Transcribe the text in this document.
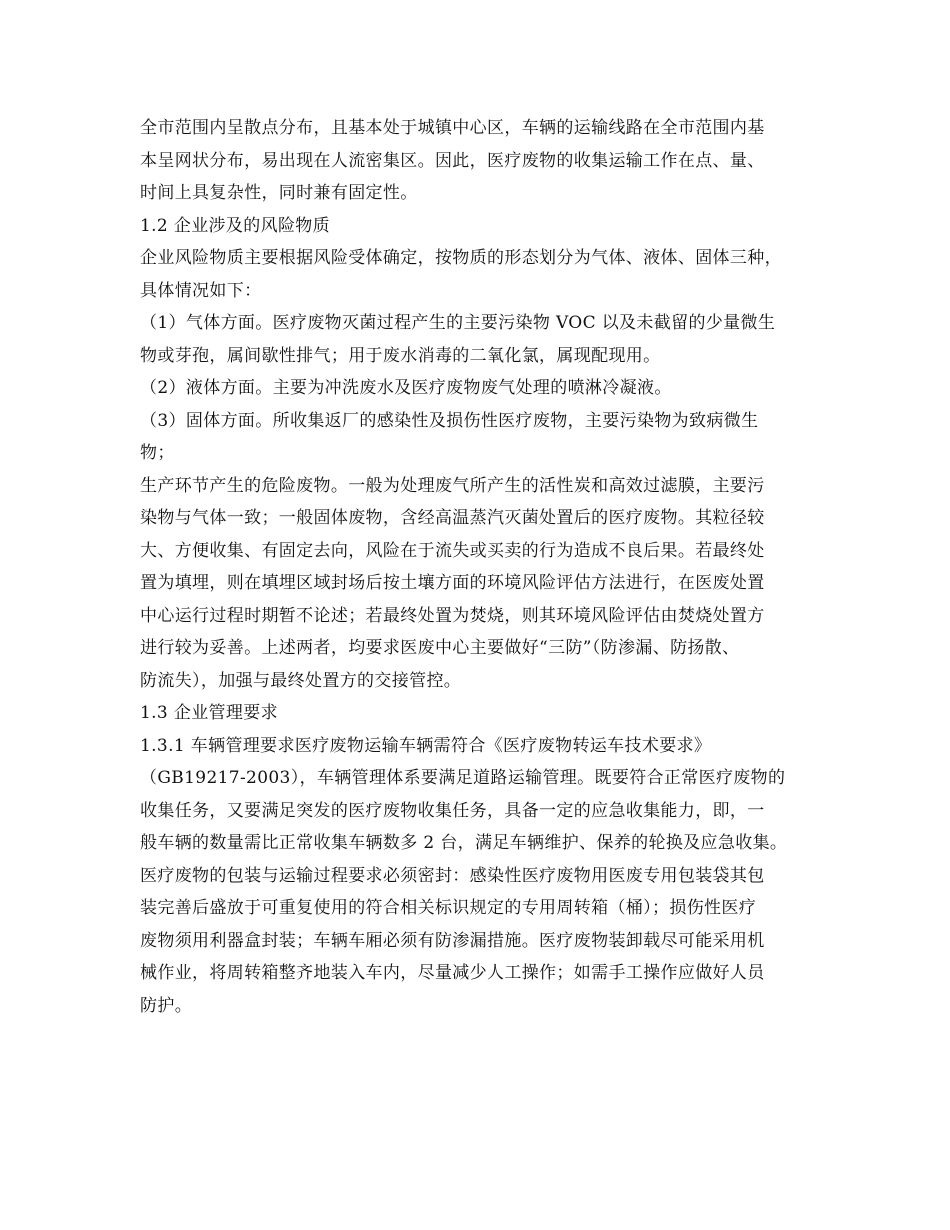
全市范围内呈散点分布，且基本处于城镇中心区，车辆的运输线路在全市范围内基
本呈网状分布，易出现在人流密集区。因此，医疗废物的收集运输工作在点、量、
时间上具复杂性，同时兼有固定性。
1.2 企业涉及的风险物质
企业风险物质主要根据风险受体确定，按物质的形态划分为气体、液体、固体三种，
具体情况如下：
（1）气体方面。医疗废物灭菌过程产生的主要污染物 VOC 以及未截留的少量微生
物或芽孢，属间歇性排气；用于废水消毒的二氧化氯，属现配现用。
（2）液体方面。主要为冲洗废水及医疗废物废气处理的喷淋冷凝液。
（3）固体方面。所收集返厂的感染性及损伤性医疗废物，主要污染物为致病微生
物；
生产环节产生的危险废物。一般为处理废气所产生的活性炭和高效过滤膜，主要污
染物与气体一致；一般固体废物，含经高温蒸汽灭菌处置后的医疗废物。其粒径较
大、方便收集、有固定去向，风险在于流失或买卖的行为造成不良后果。若最终处
置为填埋，则在填埋区域封场后按土壤方面的环境风险评估方法进行，在医废处置
中心运行过程时期暂不论述；若最终处置为焚烧，则其环境风险评估由焚烧处置方
进行较为妥善。上述两者，均要求医废中心主要做好“三防”（防渗漏、防扬散、
防流失），加强与最终处置方的交接管控。
1.3 企业管理要求
1.3.1 车辆管理要求医疗废物运输车辆需符合《医疗废物转运车技术要求》
（GB19217-2003），车辆管理体系要满足道路运输管理。既要符合正常医疗废物的
收集任务，又要满足突发的医疗废物收集任务，具备一定的应急收集能力，即，一
般车辆的数量需比正常收集车辆数多 2 台，满足车辆维护、保养的轮换及应急收集。
医疗废物的包装与运输过程要求必须密封：感染性医疗废物用医废专用包装袋其包
装完善后盛放于可重复使用的符合相关标识规定的专用周转箱（桶）；损伤性医疗
废物须用利器盒封装；车辆车厢必须有防渗漏措施。医疗废物装卸载尽可能采用机
械作业，将周转箱整齐地装入车内，尽量减少人工操作；如需手工操作应做好人员
防护。
